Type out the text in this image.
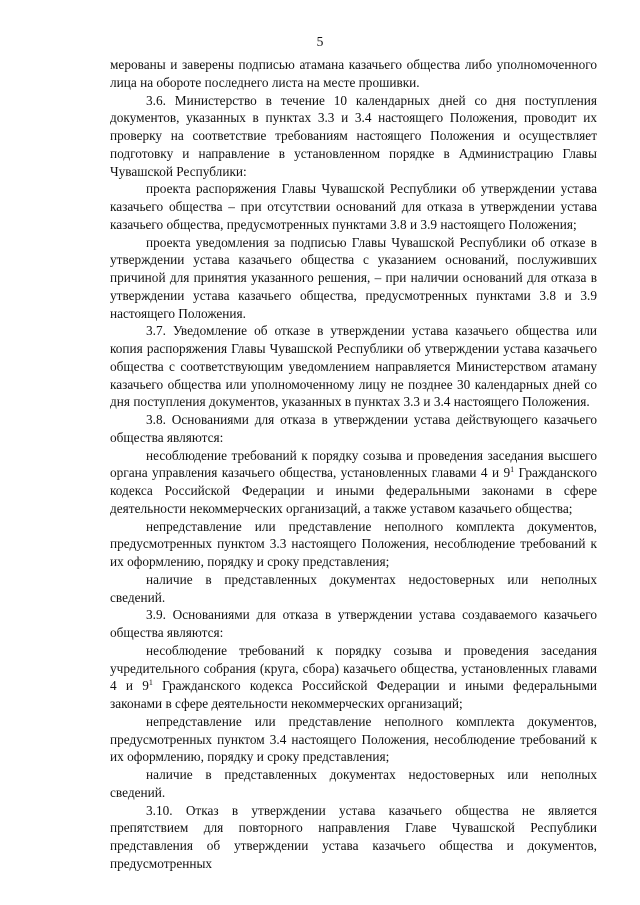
5

мерованы и заверены подписью атамана казачьего общества либо уполномоченного лица на обороте последнего листа на месте прошивки.

3.6. Министерство в течение 10 календарных дней со дня поступления документов, указанных в пунктах 3.3 и 3.4 настоящего Положения, проводит их проверку на соответствие требованиям настоящего Положения и осуществляет подготовку и направление в установленном порядке в Администрацию Главы Чувашской Республики:

проекта распоряжения Главы Чувашской Республики об утверждении устава казачьего общества – при отсутствии оснований для отказа в утверждении устава казачьего общества, предусмотренных пунктами 3.8 и 3.9 настоящего Положения;

проекта уведомления за подписью Главы Чувашской Республики об отказе в утверждении устава казачьего общества с указанием оснований, послуживших причиной для принятия указанного решения, – при наличии оснований для отказа в утверждении устава казачьего общества, предусмотренных пунктами 3.8 и 3.9 настоящего Положения.

3.7. Уведомление об отказе в утверждении устава казачьего общества или копия распоряжения Главы Чувашской Республики об утверждении устава казачьего общества с соответствующим уведомлением направляется Министерством атаману казачьего общества или уполномоченному лицу не позднее 30 календарных дней со дня поступления документов, указанных в пунктах 3.3 и 3.4 настоящего Положения.

3.8. Основаниями для отказа в утверждении устава действующего казачьего общества являются:

несоблюдение требований к порядку созыва и проведения заседания высшего органа управления казачьего общества, установленных главами 4 и $9^1$ Гражданского кодекса Российской Федерации и иными федеральными законами в сфере деятельности некоммерческих организаций, а также уставом казачьего общества;

непредставление или представление неполного комплекта документов, предусмотренных пунктом 3.3 настоящего Положения, несоблюдение требований к их оформлению, порядку и сроку представления;

наличие в представленных документах недостоверных или неполных сведений.

3.9. Основаниями для отказа в утверждении устава создаваемого казачьего общества являются:

несоблюдение требований к порядку созыва и проведения заседания учредительного собрания (круга, сбора) казачьего общества, установленных главами 4 и $9^1$ Гражданского кодекса Российской Федерации и иными федеральными законами в сфере деятельности некоммерческих организаций;

непредставление или представление неполного комплекта документов, предусмотренных пунктом 3.4 настоящего Положения, несоблюдение требований к их оформлению, порядку и сроку представления;

наличие в представленных документах недостоверных или неполных сведений.

3.10. Отказ в утверждении устава казачьего общества не является препятствием для повторного направления Главе Чувашской Республики представления об утверждении устава казачьего общества и документов, предусмотренных
